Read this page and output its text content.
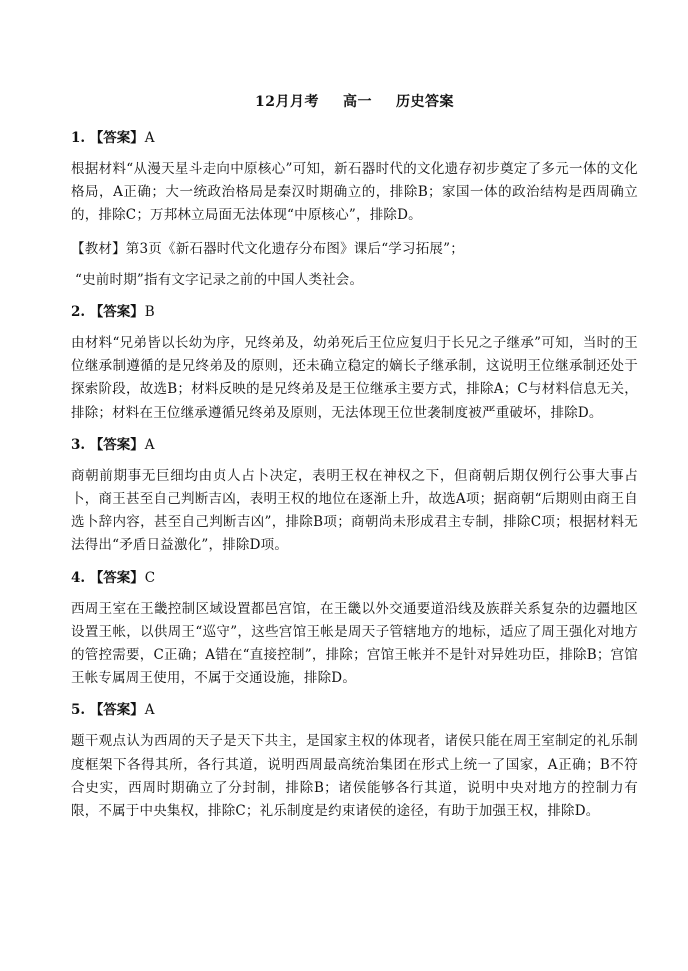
12月月考 高一 历史答案
1. 【答案】A
根据材料“从漫天星斗走向中原核心”可知，新石器时代的文化遗存初步奠定了多元一体的文化格局，A正确；大一统政治格局是秦汉时期确立的，排除B；家国一体的政治结构是西周确立的，排除C；万邦林立局面无法体现“中原核心”，排除D。
【教材】第3页《新石器时代文化遗存分布图》课后“学习拓展”；
“史前时期”指有文字记录之前的中国人类社会。
2. 【答案】B
由材料“兄弟皆以长幼为序，兄终弟及，幼弟死后王位应复归于长兄之子继承”可知，当时的王位继承制遵循的是兄终弟及的原则，还未确立稳定的嫡长子继承制，这说明王位继承制还处于探索阶段，故选B；材料反映的是兄终弟及是王位继承主要方式，排除A；C与材料信息无关，排除；材料在王位继承遵循兄终弟及原则，无法体现王位世袭制度被严重破坏，排除D。
3. 【答案】A
商朝前期事无巨细均由贞人占卜决定，表明王权在神权之下，但商朝后期仅例行公事大事占卜，商王甚至自己判断吉凶，表明王权的地位在逐渐上升，故选A项；据商朝“后期则由商王自选卜辞内容，甚至自己判断吉凶”，排除B项；商朝尚未形成君主专制，排除C项；根据材料无法得出“矛盾日益激化”，排除D项。
4. 【答案】C
西周王室在王畿控制区域设置都邑宫馆，在王畿以外交通要道沿线及族群关系复杂的边疆地区设置王帐，以供周王“巡守”，这些宫馆王帐是周天子管辖地方的地标，适应了周王强化对地方的管控需要，C正确；A错在“直接控制”，排除；宫馆王帐并不是针对异姓功臣，排除B；宫馆王帐专属周王使用，不属于交通设施，排除D。
5. 【答案】A
题干观点认为西周的天子是天下共主，是国家主权的体现者，诸侯只能在周王室制定的礼乐制度框架下各得其所，各行其道，说明西周最高统治集团在形式上统一了国家，A正确；B不符合史实，西周时期确立了分封制，排除B；诸侯能够各行其道，说明中央对地方的控制力有限，不属于中央集权，排除C；礼乐制度是约束诸侯的途径，有助于加强王权，排除D。
